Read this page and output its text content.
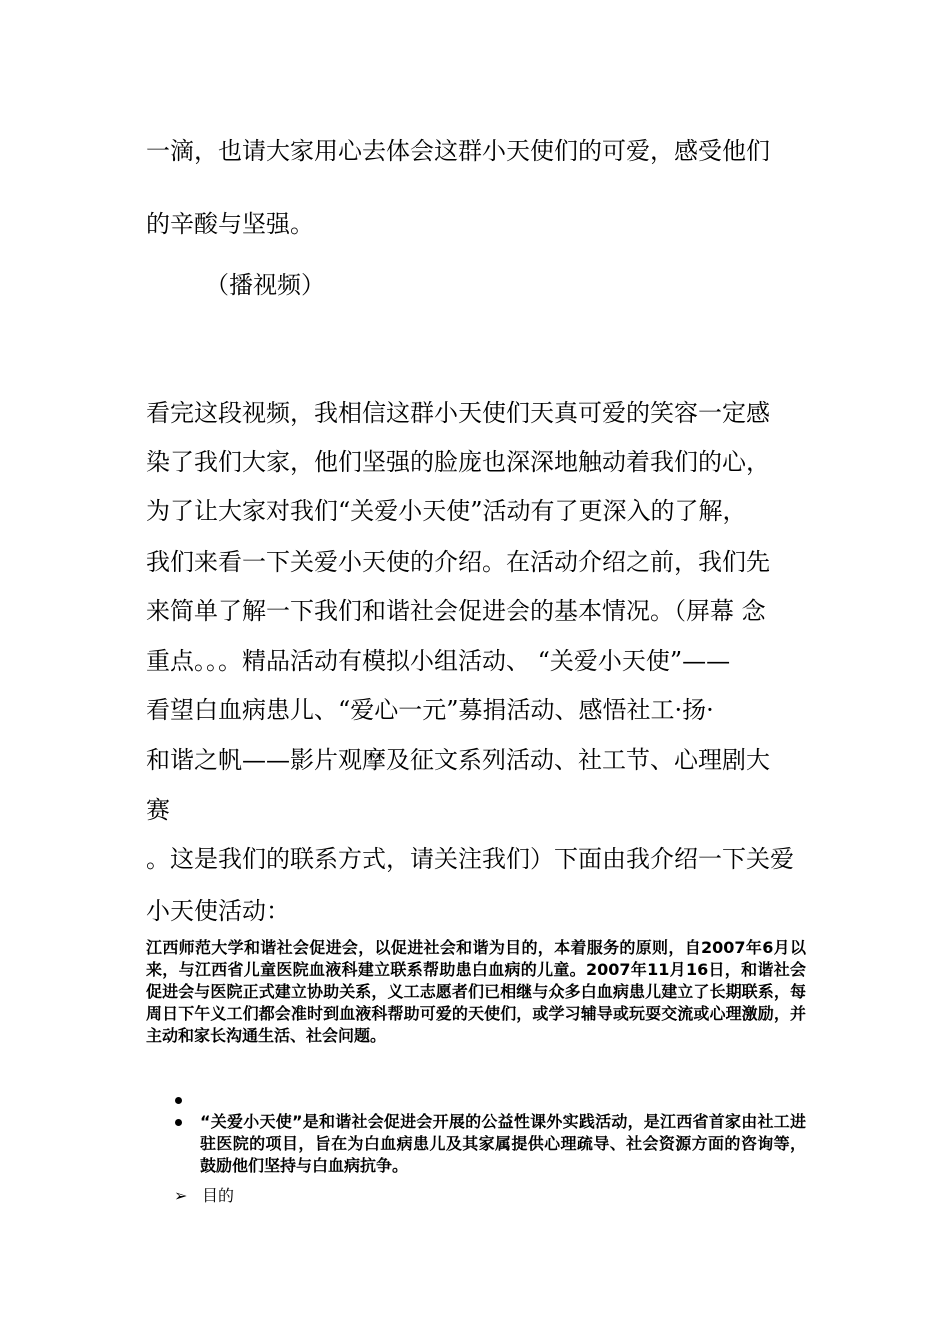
一滴，也请大家用心去体会这群小天使们的可爱，感受他们

的辛酸与坚强。

（播视频）

看完这段视频，我相信这群小天使们天真可爱的笑容一定感

染了我们大家，他们坚强的脸庞也深深地触动着我们的心，

为了让大家对我们“关爱小天使”活动有了更深入的了解，

我们来看一下关爱小天使的介绍。在活动介绍之前，我们先

来简单了解一下我们和谐社会促进会的基本情况。（屏幕 念

重点。。。精品活动有模拟小组活动、 “关爱小天使”——

看望白血病患儿、“爱心一元”募捐活动、感悟社工·扬·

和谐之帆——影片观摩及征文系列活动、社工节、心理剧大

赛

。这是我们的联系方式，请关注我们）下面由我介绍一下关爱

小天使活动：

江西师范大学和谐社会促进会，以促进社会和谐为目的，本着服务的原则，自2007年6月以来，与江西省儿童医院血液科建立联系帮助患白血病的儿童。2007年11月16日，和谐社会促进会与医院正式建立协助关系，义工志愿者们已相继与众多白血病患儿建立了长期联系，每周日下午义工们都会准时到血液科帮助可爱的天使们，或学习辅导或玩耍交流或心理激励，并主动和家长沟通生活、社会问题。

“关爱小天使”是和谐社会促进会开展的公益性课外实践活动，是江西省首家由社工进驻医院的项目，旨在为白血病患儿及其家属提供心理疏导、社会资源方面的咨询等，鼓励他们坚持与白血病抗争。
➢ 目的
